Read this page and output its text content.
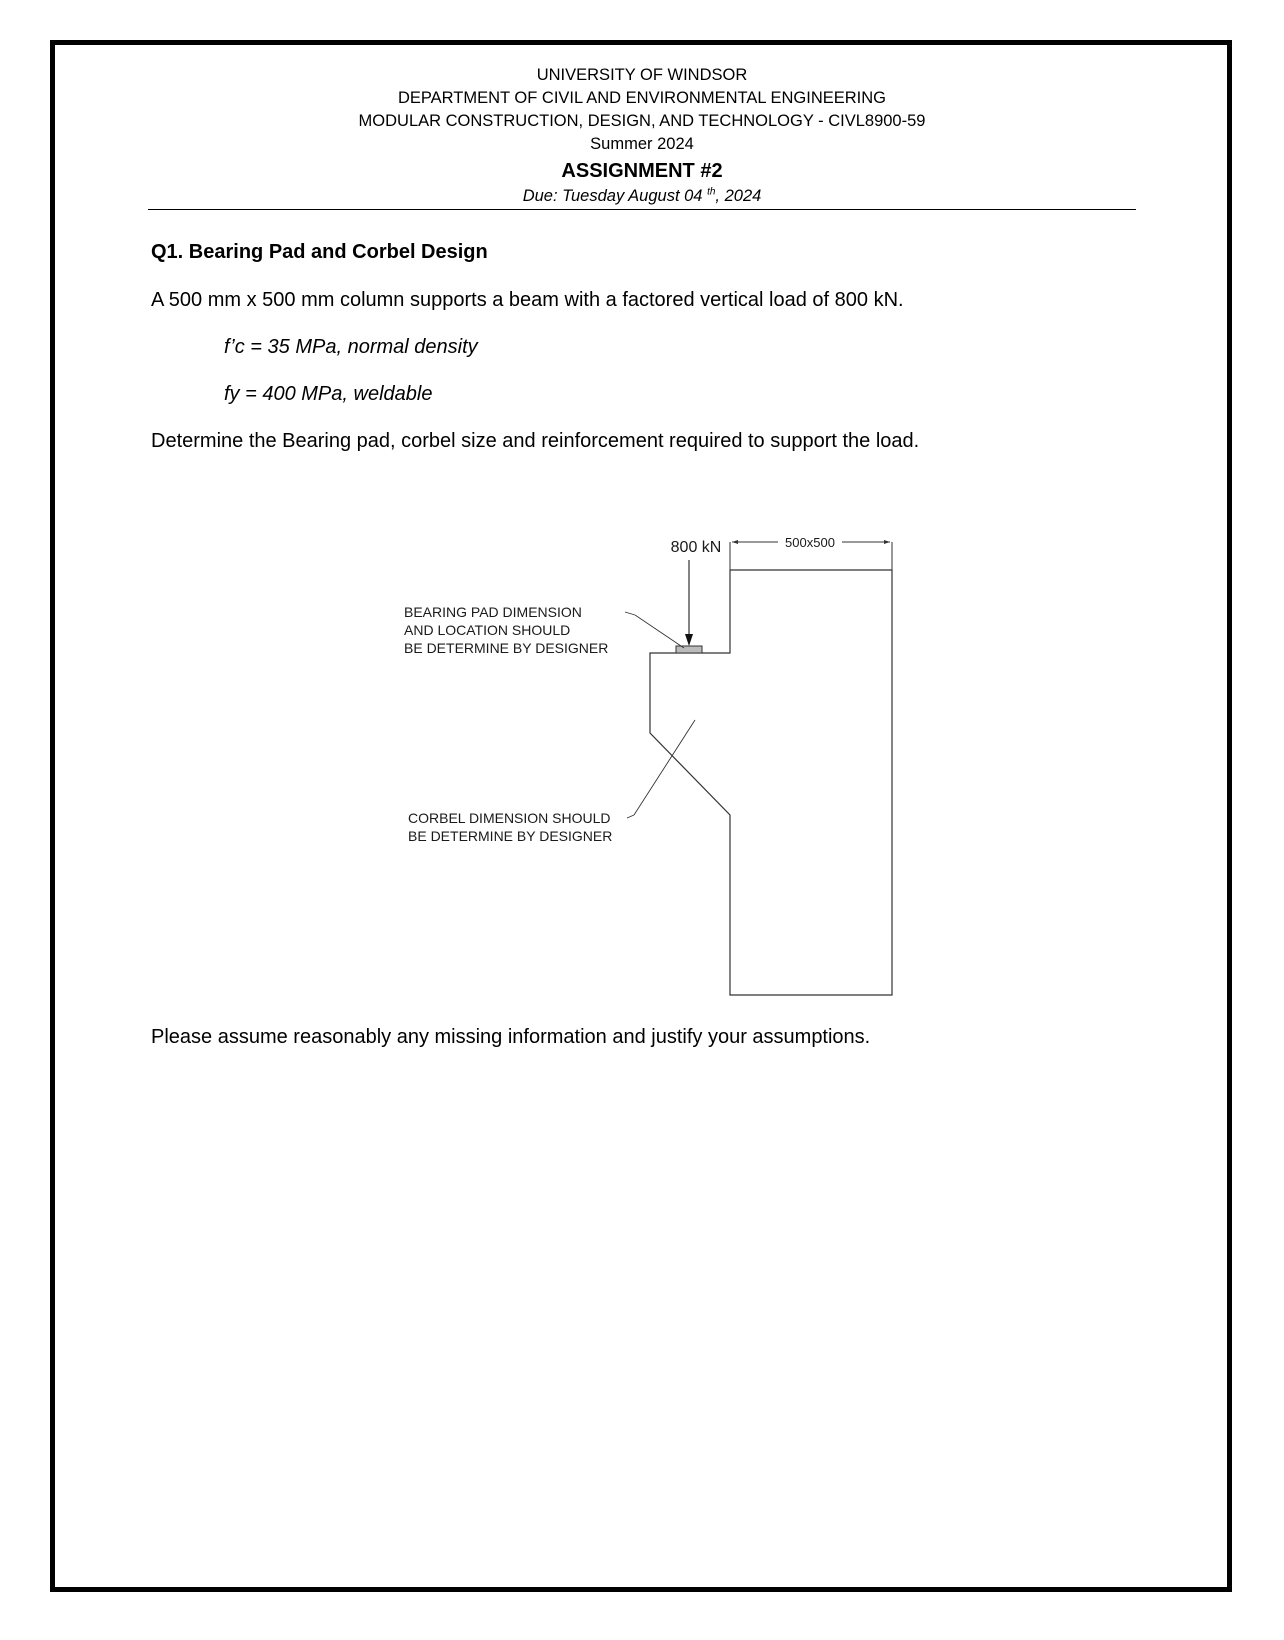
UNIVERSITY OF WINDSOR
DEPARTMENT OF CIVIL AND ENVIRONMENTAL ENGINEERING
MODULAR CONSTRUCTION, DESIGN, AND TECHNOLOGY - CIVL8900-59
Summer 2024
ASSIGNMENT #2
Due: Tuesday August 04 $^{th}$, 2024
Q1. Bearing Pad and Corbel Design
A 500 mm x 500 mm column supports a beam with a factored vertical load of 800 kN.
f’c = 35 MPa, normal density
fy = 400 MPa, weldable
Determine the Bearing pad, corbel size and reinforcement required to support the load.
500x500
800 kN
BEARING PAD DIMENSION
AND LOCATION SHOULD
BE DETERMINE BY DESIGNER
CORBEL DIMENSION SHOULD
BE DETERMINE BY DESIGNER
Please assume reasonably any missing information and justify your assumptions.
